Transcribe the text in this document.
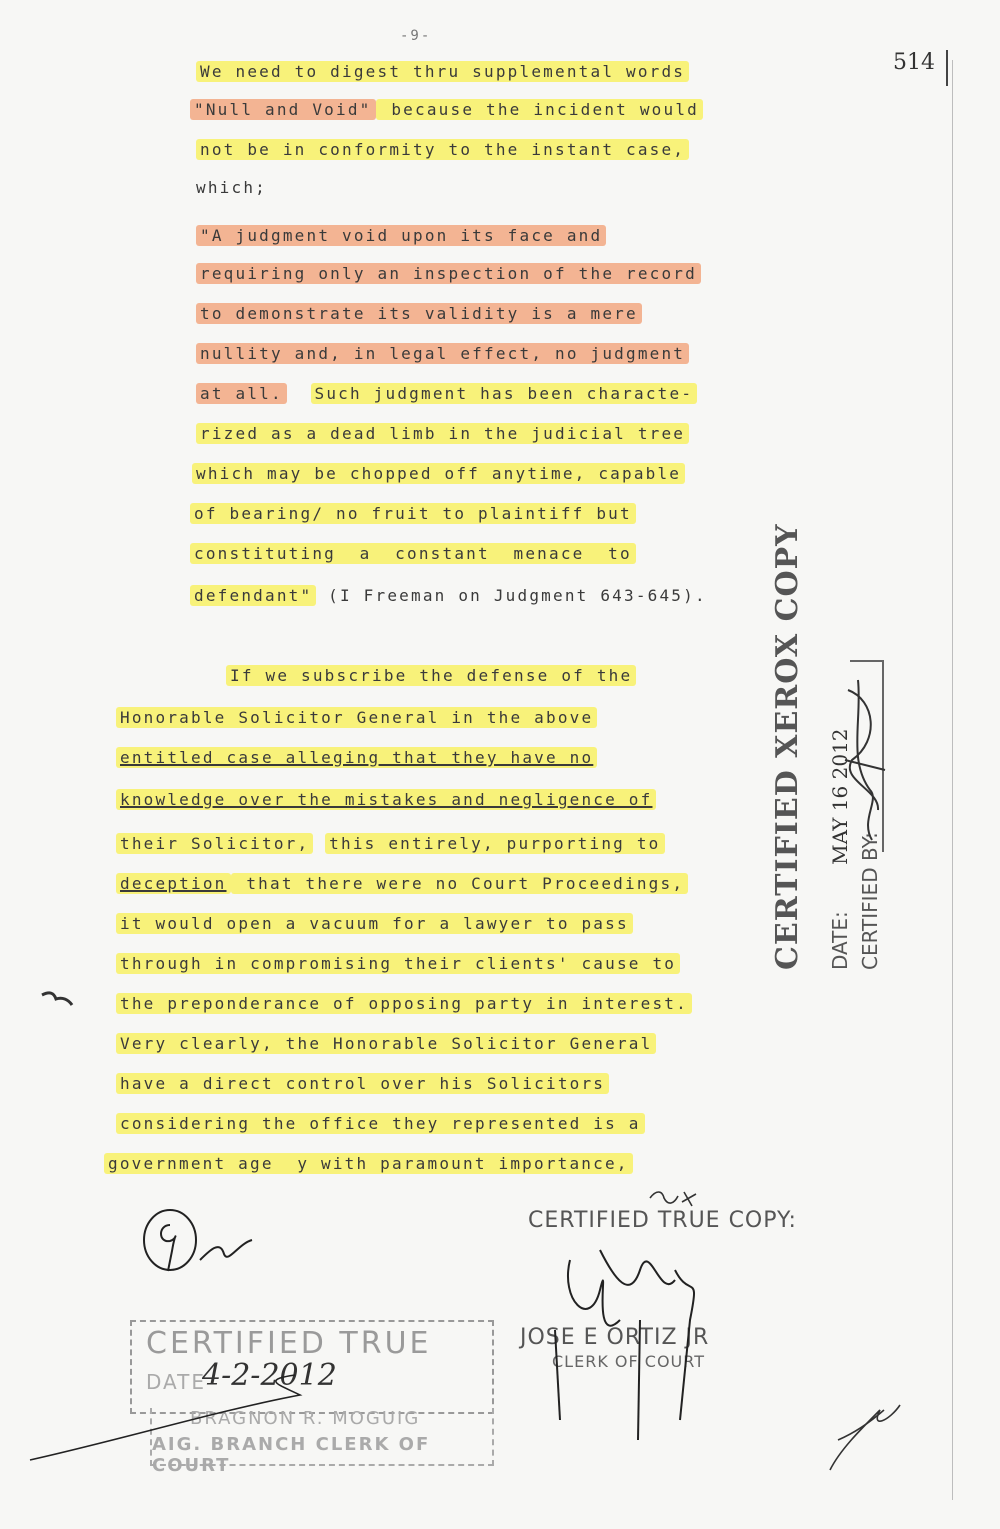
-9-
514
We need to digest thru supplemental words
"Null and Void" because the incident would
not be in conformity to the instant case,
which;
"A judgment void upon its face and
requiring only an inspection of the record
to demonstrate its validity is a mere
nullity and, in legal effect, no judgment
at all. Such judgment has been characte-
rized as a dead limb in the judicial tree
which may be chopped off anytime, capable
of bearing/ no fruit to plaintiff but
constituting  a  constant  menace  to
defendant" (I Freeman on Judgment 643-645).
If we subscribe the defense of the
Honorable Solicitor General in the above
entitled case alleging that they have no
knowledge over the mistakes and negligence of
their Solicitor, this entirely, purporting to
deception that there were no Court Proceedings,
it would open a vacuum for a lawyer to pass
through in compromising their clients' cause to
the preponderance of opposing party in interest.
Very clearly, the Honorable Solicitor General
have a direct control over his Solicitors
considering the office they represented is a
government age  y with paramount importance,
CERTIFIED XEROX COPY DATE: MAY 16 2012
CERTIFIED BY:
CERTIFIED TRUE COPY:
JOSE E ORTIZ JR
CLERK OF COURT
CERTIFIED TRUE
DATE
4-2-2012
BRAGNON R. MOGUIG
AIG. BRANCH CLERK OF COURT
